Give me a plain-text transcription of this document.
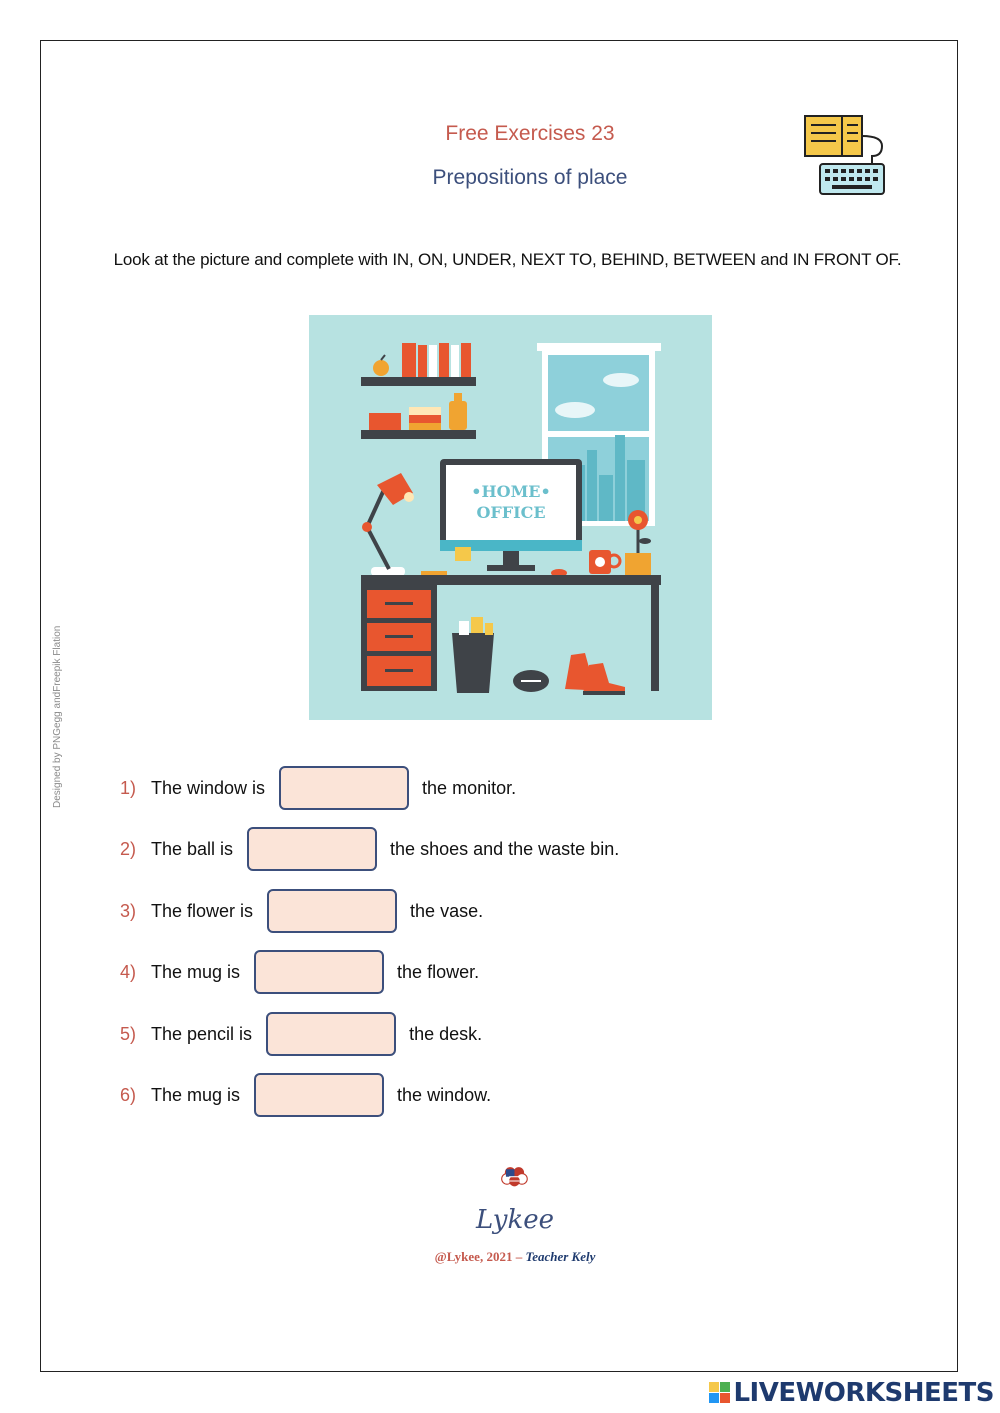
Free Exercises 23
Prepositions of place
Look at the picture and complete with IN, ON, UNDER, NEXT TO, BEHIND, BETWEEN and IN FRONT OF.
•HOME•
OFFICE
Designed by PNGegg andFreepik Flation	1) The window is	the monitor.
2) The ball is	the shoes and the waste bin.
3) The flower is	the vase.
4) The mug is	the flower.
5) The pencil is	the desk.
6) The mug is	the window.
Lykee
@Lykee, 2021 – Teacher Kely
LIVEWORKSHEETS
